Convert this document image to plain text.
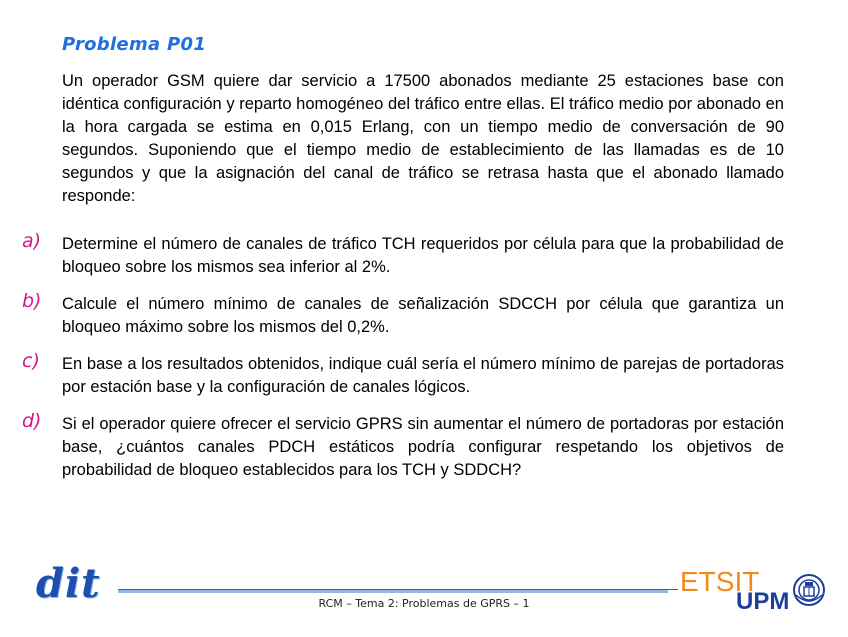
Problema P01
Un operador GSM quiere dar servicio a 17500 abonados mediante 25 estaciones base con idéntica configuración y reparto homogéneo del tráfico entre ellas. El tráfico medio por abonado en la hora cargada se estima en 0,015 Erlang, con un tiempo medio de conversación de 90 segundos. Suponiendo que el tiempo medio de establecimiento de las llamadas es de 10 segundos y que la asignación del canal de tráfico se retrasa hasta que el abonado llamado responde:
a)	Determine el número de canales de tráfico TCH requeridos por célula para que la probabilidad de bloqueo sobre los mismos sea inferior al 2%.
b)	Calcule el número mínimo de canales de señalización SDCCH por célula que garantiza un bloqueo máximo sobre los mismos del 0,2%.
c)	En base a los resultados obtenidos, indique cuál sería el número mínimo de parejas de portadoras por estación base y la configuración de canales lógicos.
d)	Si el operador quiere ofrecer el servicio GPRS sin aumentar el número de portadoras por estación base, ¿cuántos canales PDCH estáticos podría configurar respetando los objetivos de probabilidad de bloqueo establecidos para los TCH y SDDCH?
dit	RCM – Tema 2: Problemas de GPRS – 1
ETSIT
UPM
